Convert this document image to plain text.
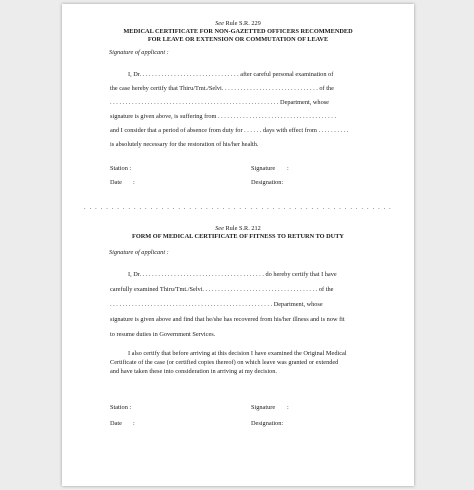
See Rule S.R. 229
MEDICAL CERTIFICATE FOR NON-GAZETTED OFFICERS RECOMMENDED
FOR LEAVE OR EXTENSION OR COMMUTATION OF LEAVE
Signature of applicant :
I, Dr. . . . . . . . . . . . . . . . . . . . . . . . . . . . . . . . after careful personal examination of
the case hereby certify that Thiru/Tmt./Selvi. . . . . . . . . . . . . . . . . . . . . . . . . . . . . . . of the
. . . . . . . . . . . . . . . . . . . . . . . . . . . . . . . . . . . . . . . . . . . . . . . . . . . . . . Department, whose
signature is given above, is suffering from . . . . . . . . . . . . . . . . . . . . . . . . . . . . . . . . . . . . . .
and I consider that a period of absence from duty for . . . . . . days with effect from . . . . . . . . . .
is absolutely necessary for the restoration of his/her health.
Station :
Date :
Signature :
Designation:
. . . . . . . . . . . . . . . . . . . . . . . . . . . . . . . . . . . . . . . . . . . . . . . . . . . . . . . .
See Rule S.R. 212
FORM OF MEDICAL CERTIFICATE OF FITNESS TO RETURN TO DUTY
Signature of applicant :
I, Dr. . . . . . . . . . . . . . . . . . . . . . . . . . . . . . . . . . . . . . . . do hereby certify that I have
carefully examined Thiru/Tmt./Selvi. . . . . . . . . . . . . . . . . . . . . . . . . . . . . . . . . . . . . of the
. . . . . . . . . . . . . . . . . . . . . . . . . . . . . . . . . . . . . . . . . . . . . . . . . . . . Department, whose
signature is given above and find that he/she has recovered from his/her illness and is now fit
to resume duties in Government Services.
I also certify that before arriving at this decision I have examined the Original Medical
Certificate of the case (or certified copies thereof) on which leave was granted or extended
and have taken these into consideration in arriving at my decision.
Station :
Date :
Signature :
Designation:
